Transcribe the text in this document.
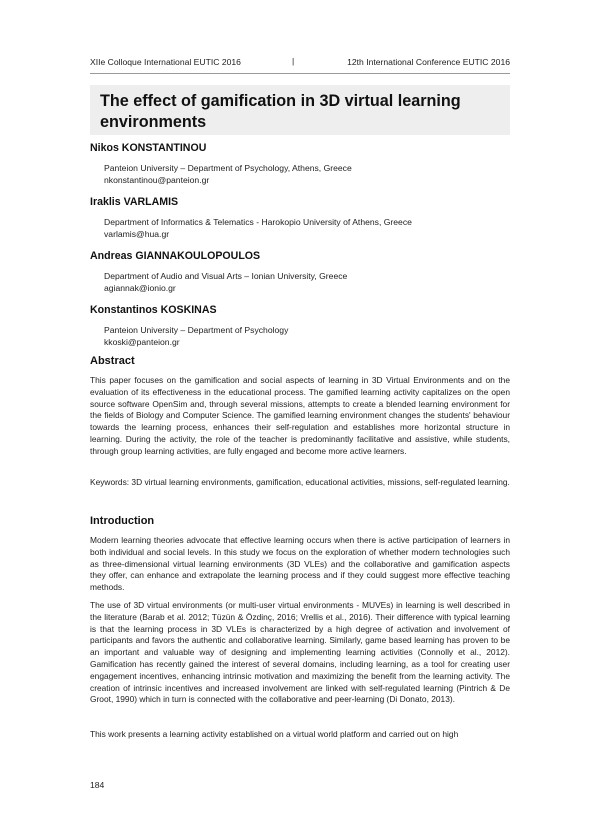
XIIe Colloque International EUTIC 2016	|	12th International Conference EUTIC 2016
The effect of gamification in 3D virtual learning environments

Nikos KONSTANTINOU

Panteion University – Department of Psychology, Athens, Greece
nkonstantinou@panteion.gr

Iraklis VARLAMIS

Department of Informatics & Telematics - Harokopio University of Athens, Greece
varlamis@hua.gr

Andreas GIANNAKOULOPOULOS

Department of Audio and Visual Arts – Ionian University, Greece
agiannak@ionio.gr

Konstantinos KOSKINAS

Panteion University – Department of Psychology
kkoski@panteion.gr
Abstract

This paper focuses on the gamification and social aspects of learning in 3D Virtual Environments and on the evaluation of its effectiveness in the educational process. The gamified learning activity capitalizes on the open source software OpenSim and, through several missions, attempts to create a blended learning environment for the fields of Biology and Computer Science. The gamified learning environment changes the students' behaviour towards the learning process, enhances their self-regulation and establishes more horizontal structure in learning. During the activity, the role of the teacher is predominantly facilitative and assistive, while students, through group learning activities, are fully engaged and become more active learners.

Keywords: 3D virtual learning environments, gamification, educational activities, missions, self-regulated learning.

Introduction

Modern learning theories advocate that effective learning occurs when there is active participation of learners in both individual and social levels. In this study we focus on the exploration of whether modern technologies such as three-dimensional virtual learning environments (3D VLEs) and the collaborative and gamification aspects they offer, can enhance and extrapolate the learning process and if they could suggest more effective teaching methods.

The use of 3D virtual environments (or multi-user virtual environments - MUVEs) in learning is well described in the literature (Barab et al. 2012; Tüzün & Özdinç, 2016; Vrellis et al., 2016). Their difference with typical learning is that the learning process in 3D VLEs is characterized by a high degree of activation and involvement of participants and favors the authentic and collaborative learning. Similarly, game based learning has proven to be an important and valuable way of designing and implementing learning activities (Connolly et al., 2012). Gamification has recently gained the interest of several domains, including learning, as a tool for creating user engagement incentives, enhancing intrinsic motivation and maximizing the benefit from the learning activity. The creation of intrinsic incentives and increased involvement are linked with self-regulated learning (Pintrich & De Groot, 1990) which in turn is connected with the collaborative and peer-learning (Di Donato, 2013).

This work presents a learning activity established on a virtual world platform and carried out on high

184
